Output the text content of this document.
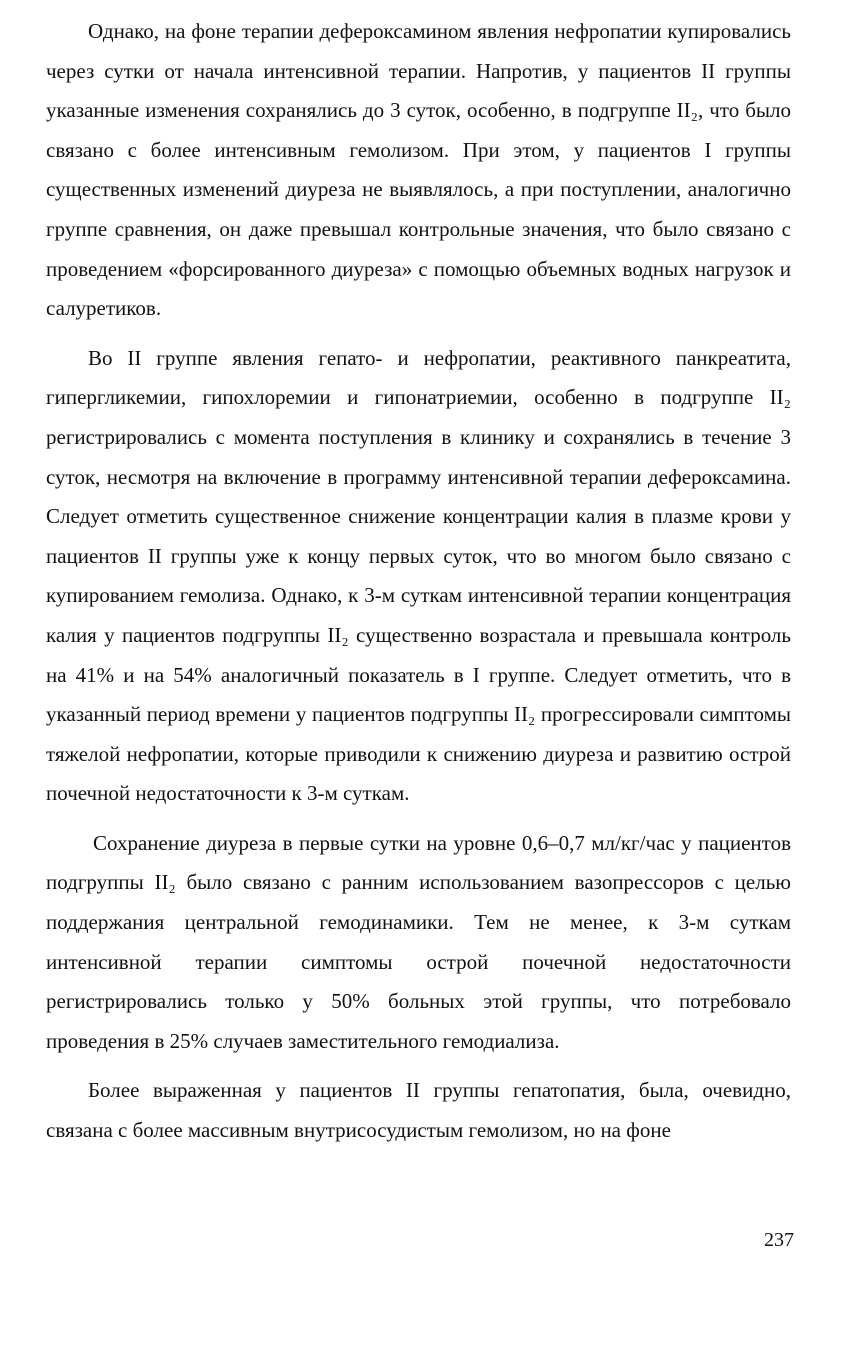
Однако, на фоне терапии дефероксамином явления нефропатии купировались через сутки от начала интенсивной терапии. Напротив, у пациентов II группы указанные изменения сохранялись до 3 суток, особенно, в подгруппе II₂, что было связано с более интенсивным гемолизом. При этом, у пациентов I группы существенных изменений диуреза не выявлялось, а при поступлении, аналогично группе сравнения, он даже превышал контрольные значения, что было связано с проведением «форсированного диуреза» с помощью объемных водных нагрузок и салуретиков.

Во II группе явления гепато- и нефропатии, реактивного панкреатита, гипергликемии, гипохлоремии и гипонатриемии, особенно в подгруппе II₂ регистрировались с момента поступления в клинику и сохранялись в течение 3 суток, несмотря на включение в программу интенсивной терапии дефероксамина. Следует отметить существенное снижение концентрации калия в плазме крови у пациентов II группы уже к концу первых суток, что во многом было связано с купированием гемолиза. Однако, к 3-м суткам интенсивной терапии концентрация калия у пациентов подгруппы II₂ существенно возрастала и превышала контроль на 41% и на 54% аналогичный показатель в I группе. Следует отметить, что в указанный период времени у пациентов подгруппы II₂ прогрессировали симптомы тяжелой нефропатии, которые приводили к снижению диуреза и развитию острой почечной недостаточности к 3-м суткам.

Сохранение диуреза в первые сутки на уровне 0,6–0,7 мл/кг/час у пациентов подгруппы II₂ было связано с ранним использованием вазопрессоров с целью поддержания центральной гемодинамики. Тем не менее, к 3-м суткам интенсивной терапии симптомы острой почечной недостаточности регистрировались только у 50% больных этой группы, что потребовало проведения в 25% случаев заместительного гемодиализа.

Более выраженная у пациентов II группы гепатопатия, была, очевидно, связана с более массивным внутрисосудистым гемолизом, но на фоне

237
